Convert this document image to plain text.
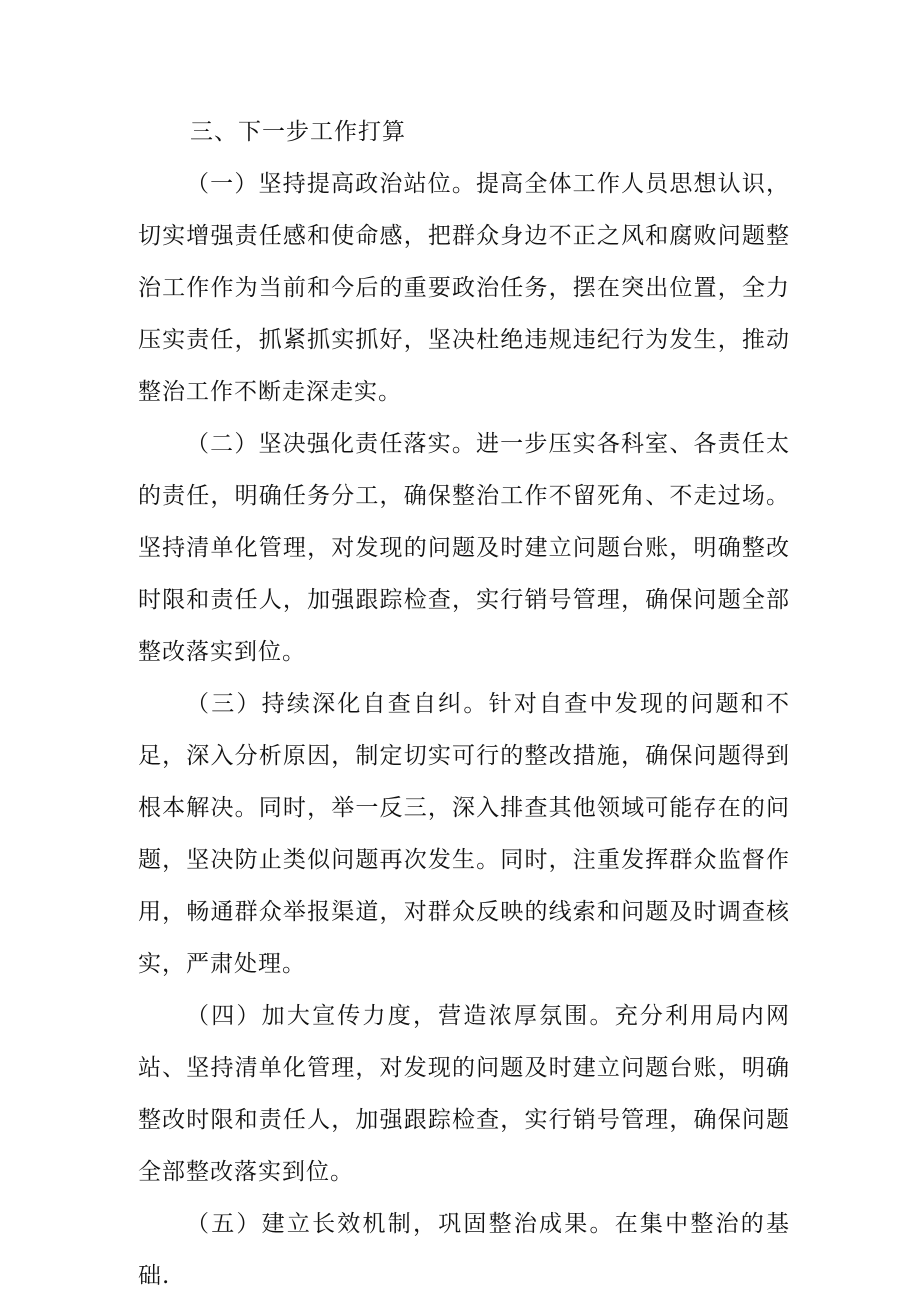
三、下一步工作打算

（一）坚持提高政治站位。提高全体工作人员思想认识，切实增强责任感和使命感，把群众身边不正之风和腐败问题整治工作作为当前和今后的重要政治任务，摆在突出位置，全力压实责任，抓紧抓实抓好，坚决杜绝违规违纪行为发生，推动整治工作不断走深走实。

（二）坚决强化责任落实。进一步压实各科室、各责任太的责任，明确任务分工，确保整治工作不留死角、不走过场。坚持清单化管理，对发现的问题及时建立问题台账，明确整改时限和责任人，加强跟踪检查，实行销号管理，确保问题全部整改落实到位。

（三）持续深化自查自纠。针对自查中发现的问题和不足，深入分析原因，制定切实可行的整改措施，确保问题得到根本解决。同时，举一反三，深入排查其他领域可能存在的问题，坚决防止类似问题再次发生。同时，注重发挥群众监督作用，畅通群众举报渠道，对群众反映的线索和问题及时调查核实，严肃处理。

（四）加大宣传力度，营造浓厚氛围。充分利用局内网站、坚持清单化管理，对发现的问题及时建立问题台账，明确整改时限和责任人，加强跟踪检查，实行销号管理，确保问题全部整改落实到位。

（五）建立长效机制，巩固整治成果。在集中整治的基础.
